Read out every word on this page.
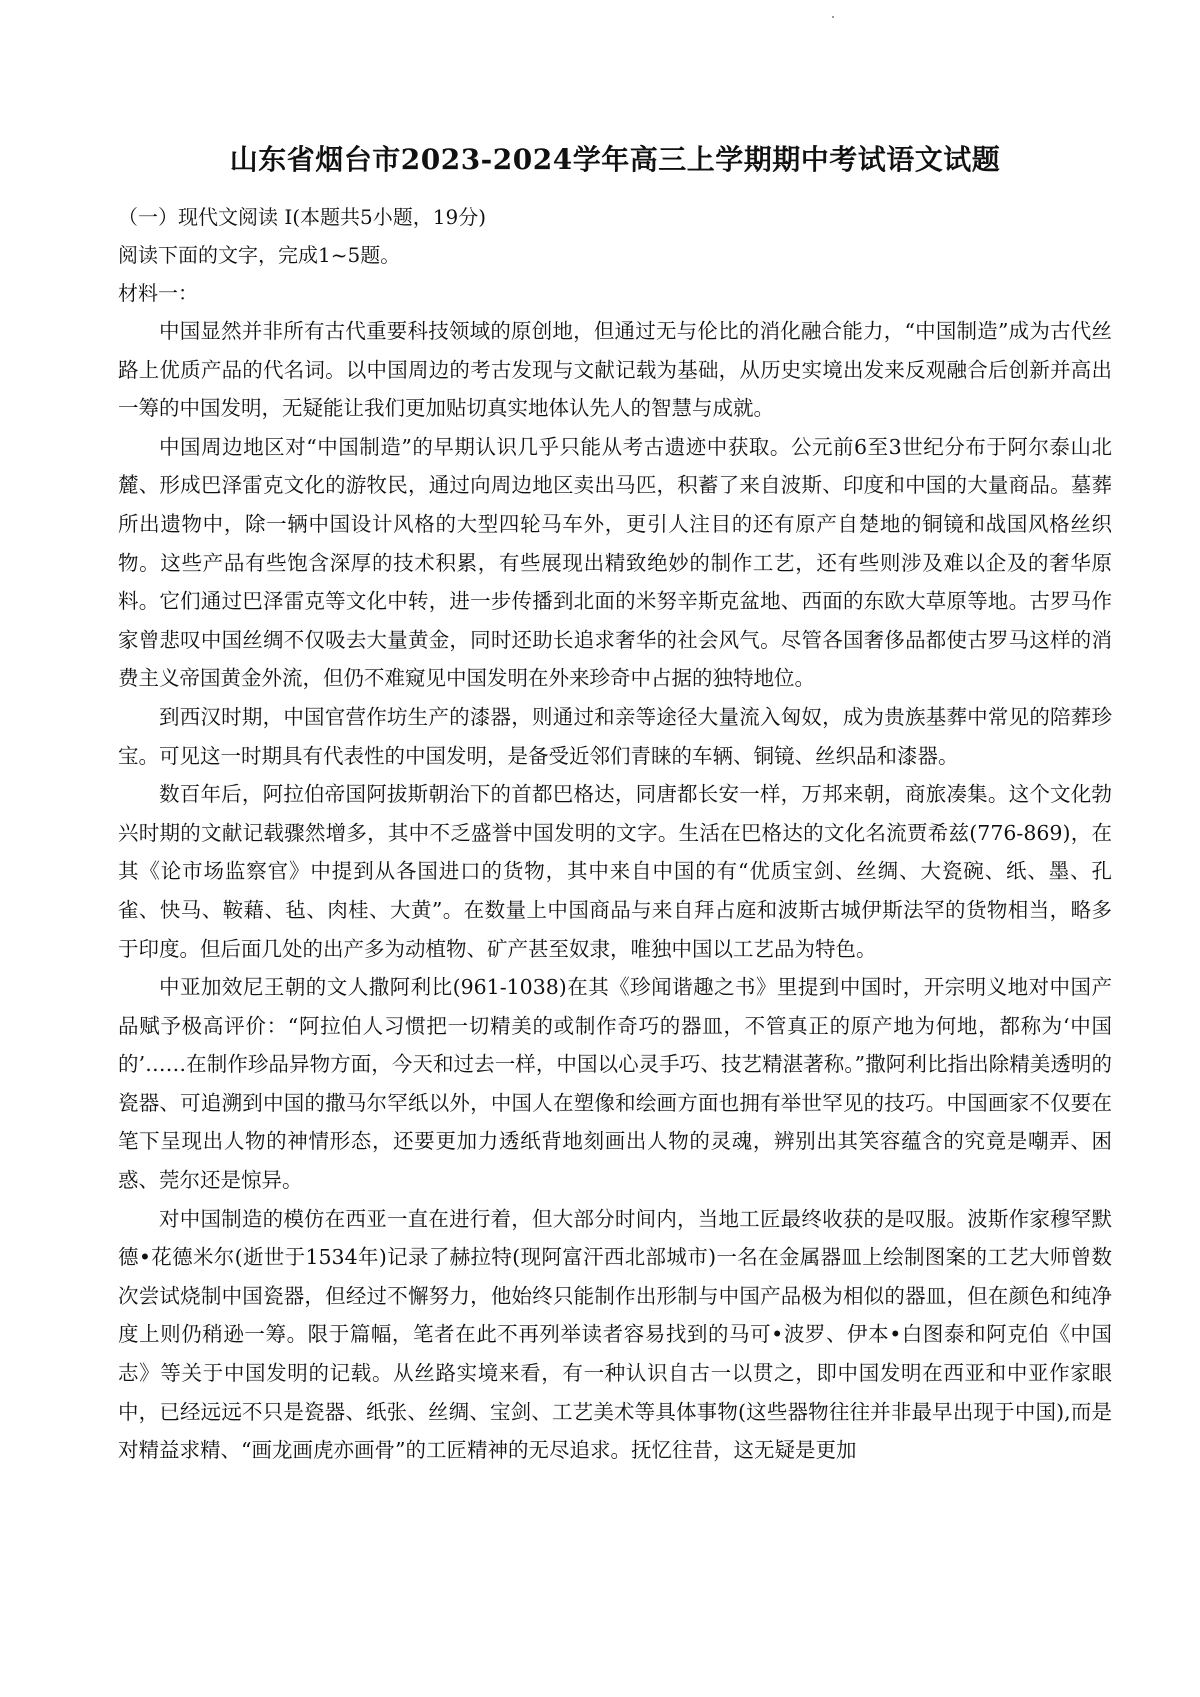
山东省烟台市2023-2024学年高三上学期期中考试语文试题

（一）现代文阅读 I(本题共5小题，19分)

阅读下面的文字，完成1~5题。

材料一：

中国显然并非所有古代重要科技领域的原创地，但通过无与伦比的消化融合能力，“中国制造”成为古代丝路上优质产品的代名词。以中国周边的考古发现与文献记载为基础，从历史实境出发来反观融合后创新并高出一筹的中国发明，无疑能让我们更加贴切真实地体认先人的智慧与成就。

中国周边地区对“中国制造”的早期认识几乎只能从考古遗迹中获取。公元前6至3世纪分布于阿尔泰山北麓、形成巴泽雷克文化的游牧民，通过向周边地区卖出马匹，积蓄了来自波斯、印度和中国的大量商品。墓葬所出遗物中，除一辆中国设计风格的大型四轮马车外，更引人注目的还有原产自楚地的铜镜和战国风格丝织物。这些产品有些饱含深厚的技术积累，有些展现出精致绝妙的制作工艺，还有些则涉及难以企及的奢华原料。它们通过巴泽雷克等文化中转，进一步传播到北面的米努辛斯克盆地、西面的东欧大草原等地。古罗马作家曾悲叹中国丝绸不仅吸去大量黄金，同时还助长追求奢华的社会风气。尽管各国奢侈品都使古罗马这样的消费主义帝国黄金外流，但仍不难窥见中国发明在外来珍奇中占据的独特地位。

到西汉时期，中国官营作坊生产的漆器，则通过和亲等途径大量流入匈奴，成为贵族基葬中常见的陪葬珍宝。可见这一时期具有代表性的中国发明，是备受近邻们青睐的车辆、铜镜、丝织品和漆器。

数百年后，阿拉伯帝国阿拔斯朝治下的首都巴格达，同唐都长安一样，万邦来朝，商旅凑集。这个文化勃兴时期的文献记载骤然增多，其中不乏盛誉中国发明的文字。生活在巴格达的文化名流贾希兹(776-869)，在其《论市场监察官》中提到从各国进口的货物，其中来自中国的有“优质宝剑、丝绸、大瓷碗、纸、墨、孔雀、快马、鞍藉、毡、肉桂、大黄”。在数量上中国商品与来自拜占庭和波斯古城伊斯法罕的货物相当，略多于印度。但后面几处的出产多为动植物、矿产甚至奴隶，唯独中国以工艺品为特色。

中亚加效尼王朝的文人撒阿利比(961-1038)在其《珍闻谐趣之书》里提到中国时，开宗明义地对中国产品赋予极高评价：“阿拉伯人习惯把一切精美的或制作奇巧的器皿，不管真正的原产地为何地，都称为‘中国的’……在制作珍品异物方面，今天和过去一样，中国以心灵手巧、技艺精湛著称。”撒阿利比指出除精美透明的瓷器、可追溯到中国的撒马尔罕纸以外，中国人在塑像和绘画方面也拥有举世罕见的技巧。中国画家不仅要在笔下呈现出人物的神情形态，还要更加力透纸背地刻画出人物的灵魂，辨别出其笑容蕴含的究竟是嘲弄、困惑、莞尔还是惊异。

对中国制造的模仿在西亚一直在进行着，但大部分时间内，当地工匠最终收获的是叹服。波斯作家穆罕默德•花德米尔(逝世于1534年)记录了赫拉特(现阿富汗西北部城市)一名在金属器皿上绘制图案的工艺大师曾数次尝试烧制中国瓷器，但经过不懈努力，他始终只能制作出形制与中国产品极为相似的器皿，但在颜色和纯净度上则仍稍逊一筹。限于篇幅，笔者在此不再列举读者容易找到的马可•波罗、伊本•白图泰和阿克伯《中国志》等关于中国发明的记载。从丝路实境来看，有一种认识自古一以贯之，即中国发明在西亚和中亚作家眼中，已经远远不只是瓷器、纸张、丝绸、宝剑、工艺美术等具体事物(这些器物往往并非最早出现于中国),而是对精益求精、“画龙画虎亦画骨”的工匠精神的无尽追求。抚忆往昔，这无疑是更加
